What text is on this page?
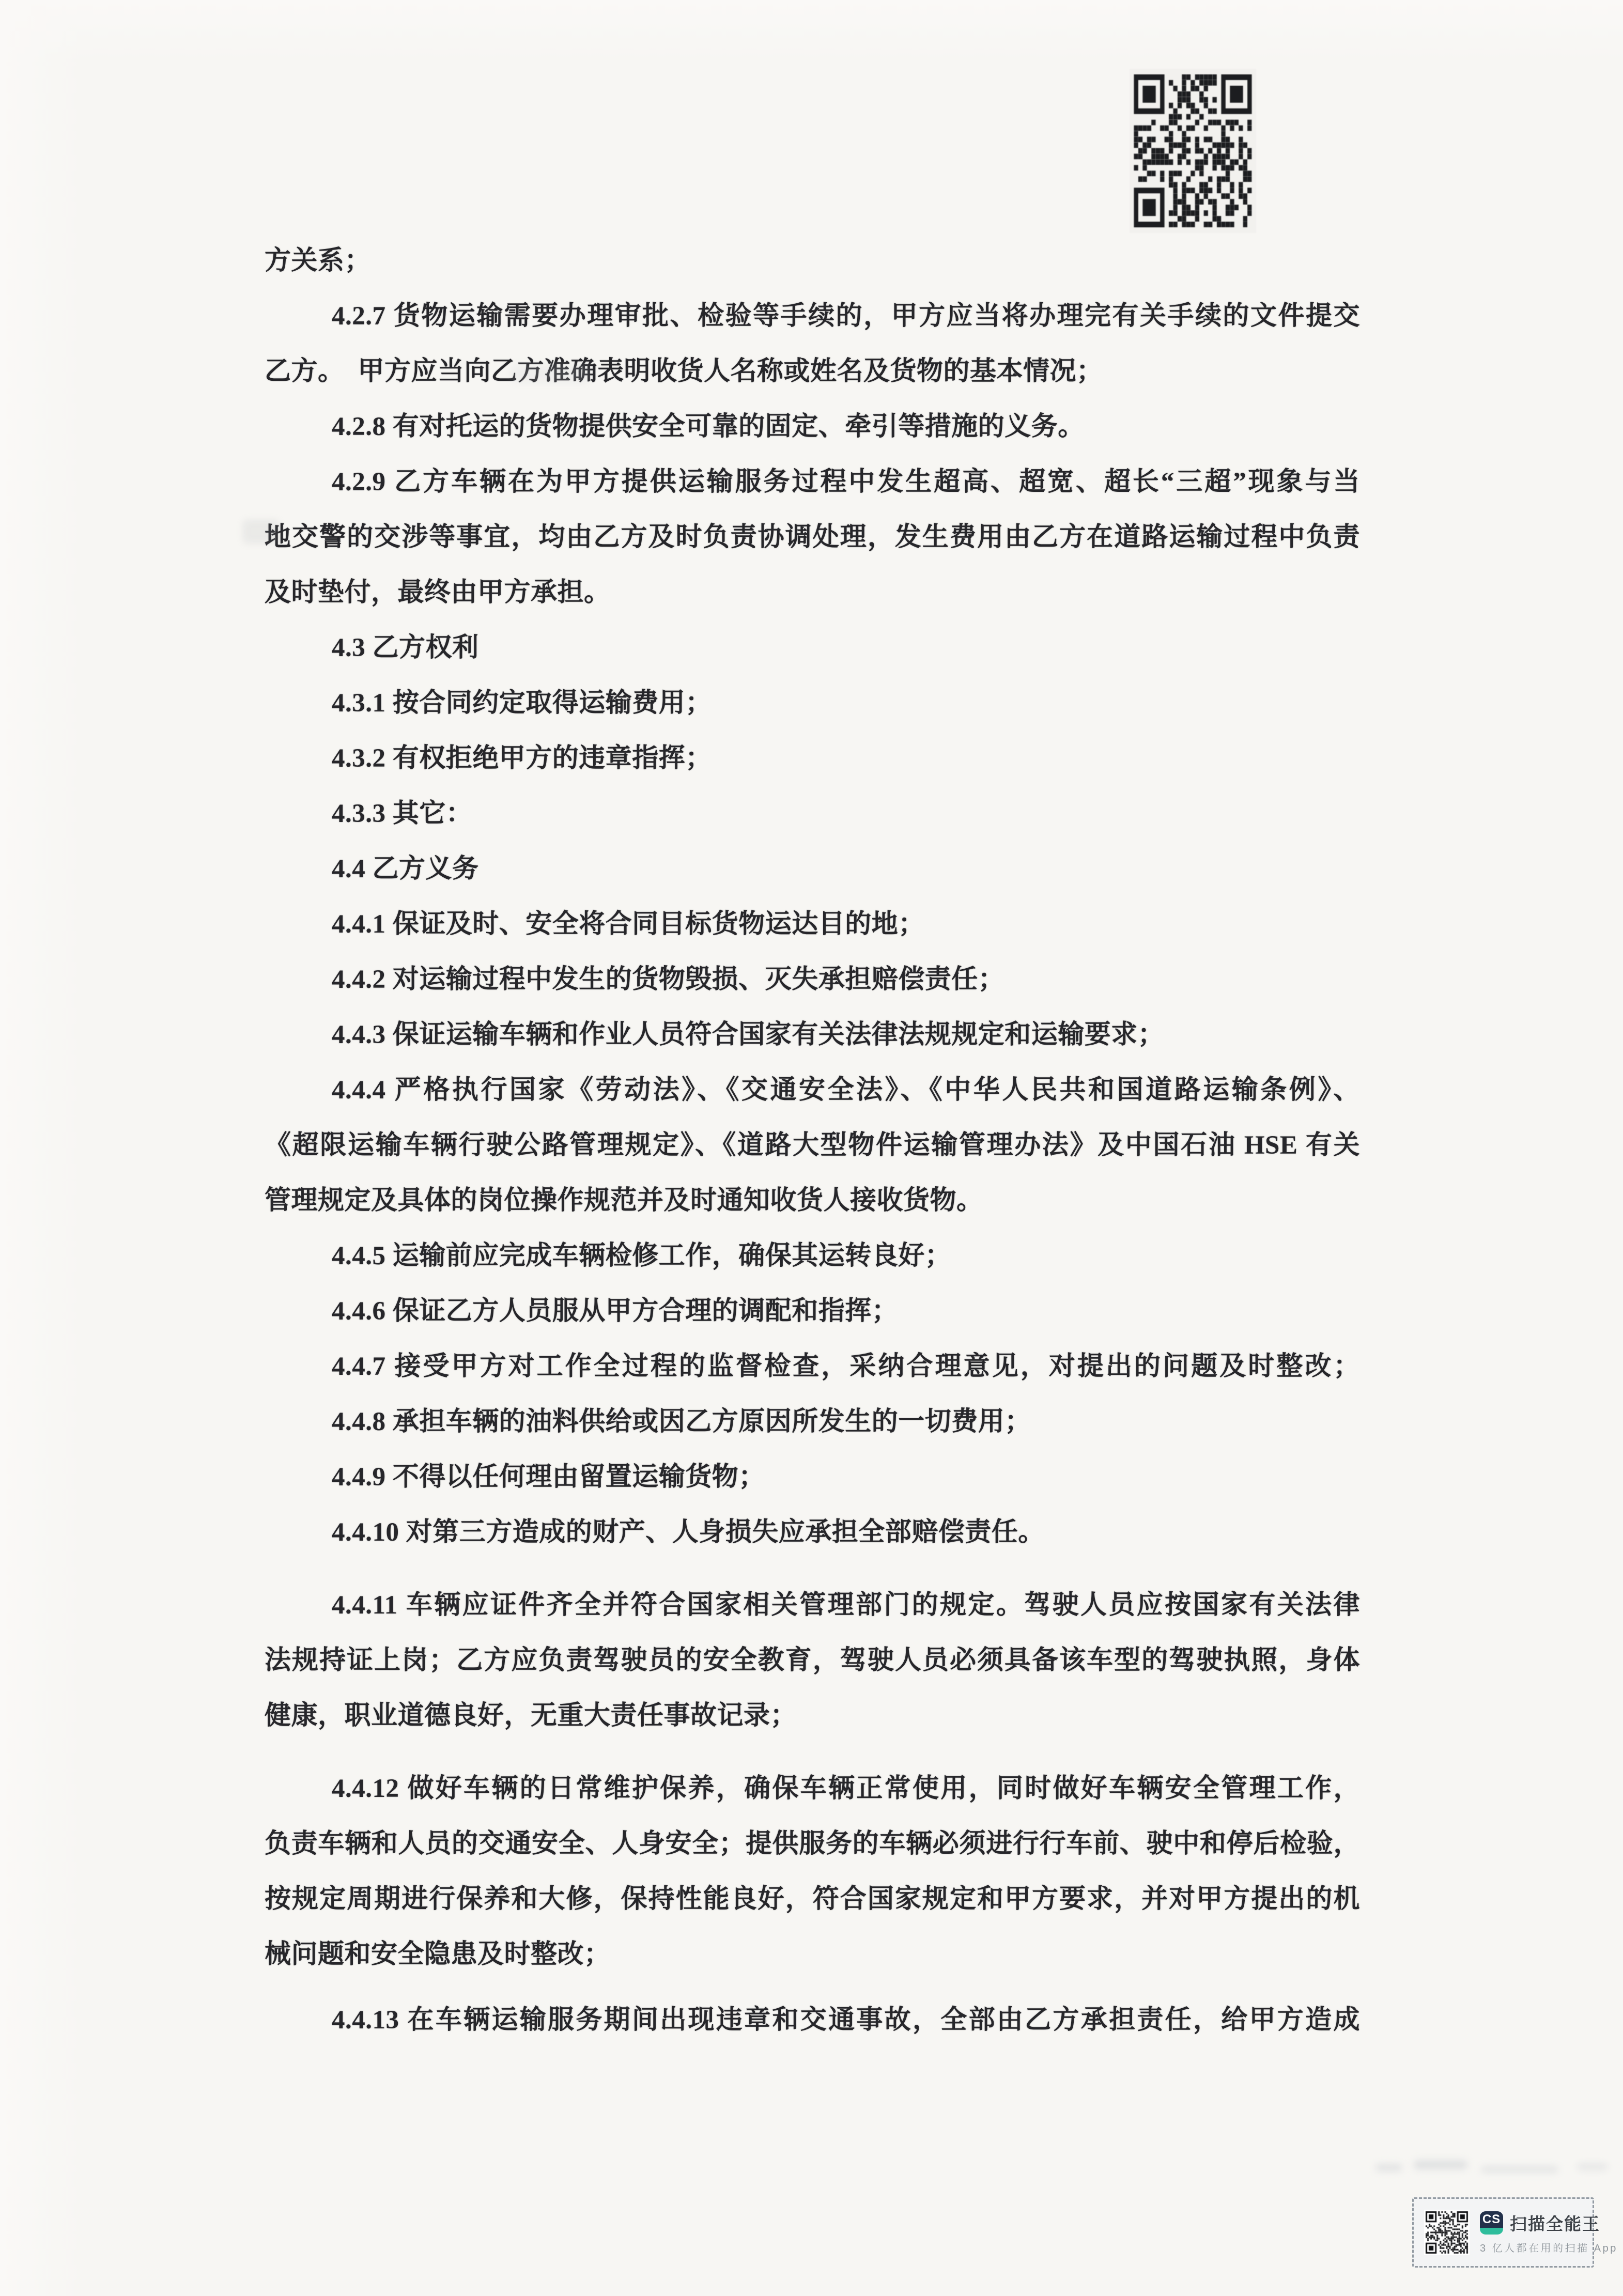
方关系；
4.2.7 货物运输需要办理审批、检验等手续的，甲方应当将办理完有关手续的文件提交
乙方。　甲方应当向乙方准确表明收货人名称或姓名及货物的基本情况；
4.2.8 有对托运的货物提供安全可靠的固定、牵引等措施的义务。
4.2.9 乙方车辆在为甲方提供运输服务过程中发生超高、超宽、超长“三超”现象与当
地交警的交涉等事宜，均由乙方及时负责协调处理，发生费用由乙方在道路运输过程中负责
及时垫付，最终由甲方承担。
4.3 乙方权利
4.3.1 按合同约定取得运输费用；
4.3.2 有权拒绝甲方的违章指挥；
4.3.3 其它：
4.4 乙方义务
4.4.1 保证及时、安全将合同目标货物运达目的地；
4.4.2 对运输过程中发生的货物毁损、灭失承担赔偿责任；
4.4.3 保证运输车辆和作业人员符合国家有关法律法规规定和运输要求；
4.4.4 严格执行国家《劳动法》、《交通安全法》、《中华人民共和国道路运输条例》、
《超限运输车辆行驶公路管理规定》、《道路大型物件运输管理办法》及中国石油 HSE 有关
管理规定及具体的岗位操作规范并及时通知收货人接收货物。
4.4.5 运输前应完成车辆检修工作，确保其运转良好；
4.4.6 保证乙方人员服从甲方合理的调配和指挥；
4.4.7 接受甲方对工作全过程的监督检查，采纳合理意见，对提出的问题及时整改；
4.4.8 承担车辆的油料供给或因乙方原因所发生的一切费用；
4.4.9 不得以任何理由留置运输货物；
4.4.10 对第三方造成的财产、人身损失应承担全部赔偿责任。
4.4.11 车辆应证件齐全并符合国家相关管理部门的规定。驾驶人员应按国家有关法律
法规持证上岗；乙方应负责驾驶员的安全教育，驾驶人员必须具备该车型的驾驶执照，身体
健康，职业道德良好，无重大责任事故记录；
4.4.12 做好车辆的日常维护保养，确保车辆正常使用，同时做好车辆安全管理工作，
负责车辆和人员的交通安全、人身安全；提供服务的车辆必须进行行车前、驶中和停后检验，
按规定周期进行保养和大修，保持性能良好，符合国家规定和甲方要求，并对甲方提出的机
械问题和安全隐患及时整改；
4.4.13 在车辆运输服务期间出现违章和交通事故，全部由乙方承担责任，给甲方造成
CS 扫描全能王
3 亿人都在用的扫描 App
